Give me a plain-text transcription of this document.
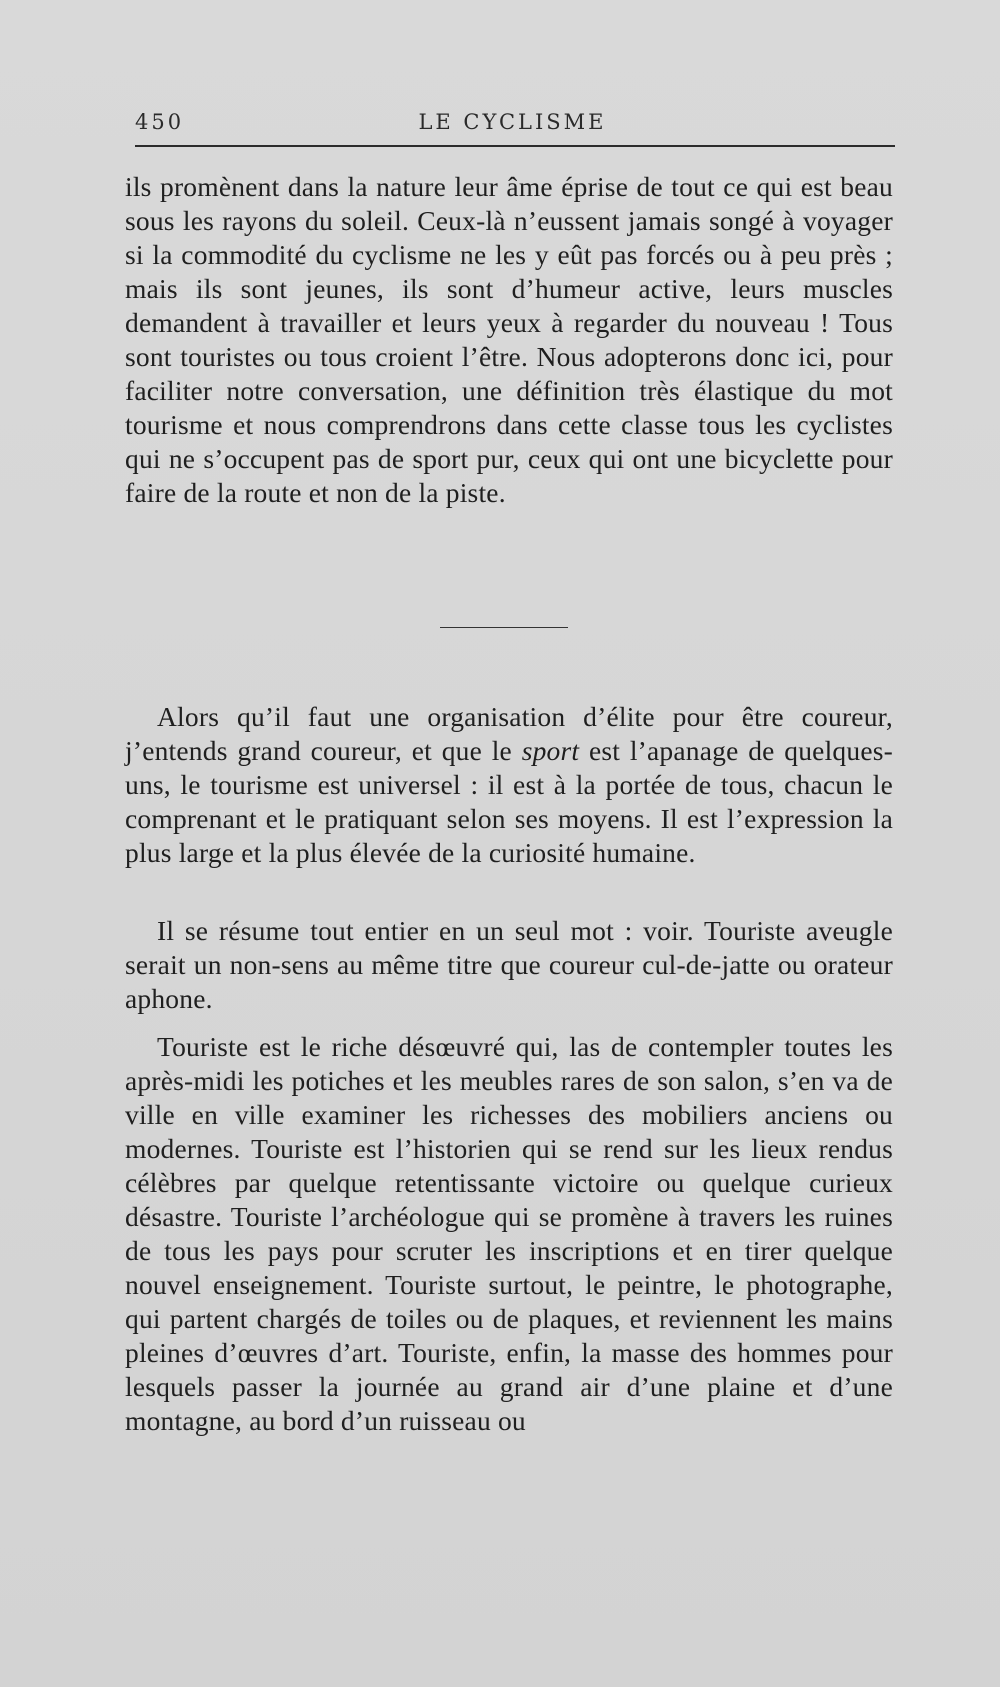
450	LE CYCLISME

ils promènent dans la nature leur âme éprise de tout ce qui est beau sous les rayons du soleil. Ceux-là n’eussent jamais songé à voyager si la commodité du cyclisme ne les y eût pas forcés ou à peu près ; mais ils sont jeunes, ils sont d’humeur active, leurs muscles demandent à travailler et leurs yeux à regarder du nouveau ! Tous sont touristes ou tous croient l’être. Nous adopterons donc ici, pour faciliter notre conversation, une définition très élastique du mot tourisme et nous comprendrons dans cette classe tous les cyclistes qui ne s’occupent pas de sport pur, ceux qui ont une bicyclette pour faire de la route et non de la piste.

Alors qu’il faut une organisation d’élite pour être coureur, j’entends grand coureur, et que le sport est l’apanage de quelques-uns, le tourisme est universel : il est à la portée de tous, chacun le comprenant et le pratiquant selon ses moyens. Il est l’expression la plus large et la plus élevée de la curiosité humaine.

Il se résume tout entier en un seul mot : voir. Touriste aveugle serait un non-sens au même titre que coureur cul-de-jatte ou orateur aphone.

Touriste est le riche désœuvré qui, las de contempler toutes les après-midi les potiches et les meubles rares de son salon, s’en va de ville en ville examiner les richesses des mobiliers anciens ou modernes. Touriste est l’historien qui se rend sur les lieux rendus célèbres par quelque retentissante victoire ou quelque curieux désastre. Touriste l’archéologue qui se promène à travers les ruines de tous les pays pour scruter les inscriptions et en tirer quelque nouvel enseignement. Touriste surtout, le peintre, le photographe, qui partent chargés de toiles ou de plaques, et reviennent les mains pleines d’œuvres d’art. Touriste, enfin, la masse des hommes pour lesquels passer la journée au grand air d’une plaine et d’une montagne, au bord d’un ruisseau ou
